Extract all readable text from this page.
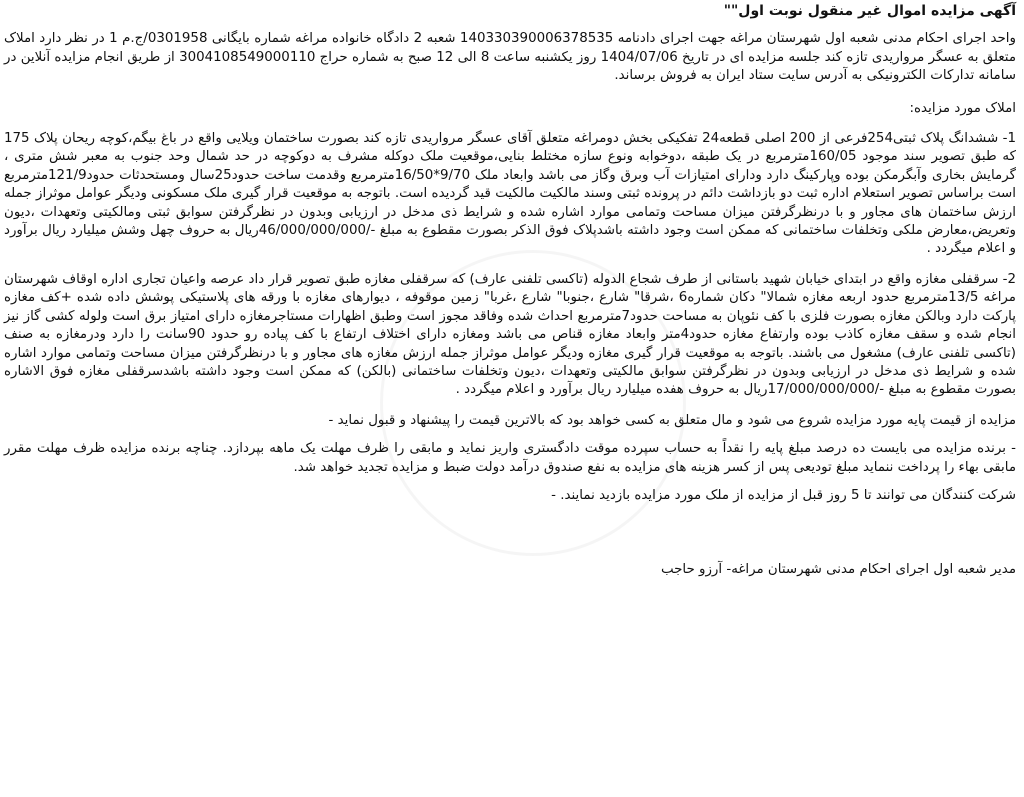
آگهی مزایده اموال غیر منقول نوبت اول""

واحد اجرای احکام مدنی شعبه اول شهرستان مراغه جهت اجرای دادنامه 140330390006378535 شعبه 2 دادگاه خانواده مراغه شماره بایگانی 0301958/ج.م 1 در نظر دارد املاک متعلق به عسگر مرواریدی تازه کند جلسه مزایده ای در تاریخ 1404/07/06 روز یکشنبه ساعت 8 الی 12 صبح به شماره حراج 3004108549000110 از طریق انجام مزایده آنلاین در سامانه تدارکات الکترونیکی به آدرس سایت ستاد ایران به فروش برساند.

املاک مورد مزایده:

1- ششدانگ پلاک ثبتی254فرعی از 200 اصلی قطعه24 تفکیکی بخش دومراغه متعلق آقای عسگر مرواریدی تازه کند بصورت ساختمان ویلایی واقع در باغ بیگم،کوچه ریحان پلاک 175 که طبق تصویر سند موجود 160/05مترمربع در یک طبقه ،دوخوابه ونوع سازه مختلط بنایی،موقعیت ملک دوکله مشرف به دوکوچه در حد شمال وحد جنوب به معبر شش متری ، گرمایش بخاری وآبگرمکن بوده وپارکینگ دارد ودارای امتیازات آب وبرق وگاز می باشد وابعاد ملک 9/70*16/50مترمربع وقدمت ساخت حدود25سال ومستحدثات حدود121/9مترمربع است براساس تصویر استعلام اداره ثبت دو بازداشت دائم در پرونده ثبتی وسند مالکیت مالکیت قید گردیده است. باتوجه به موقعیت قرار گیری ملک مسکونی ودیگر عوامل موثراز جمله ارزش ساختمان های مجاور و با درنظرگرفتن میزان مساحت وتمامی موارد اشاره شده و شرایط ذی مدخل در ارزیابی وبدون در نظرگرفتن سوابق ثبتی ومالکیتی وتعهدات ،دیون وتعریض،معارض ملکی وتخلفات ساختمانی که ممکن است وجود داشته باشدپلاک فوق الذکر بصورت مقطوع به مبلغ -/46/000/000/000ریال به حروف چهل وشش میلیارد ریال برآورد و اعلام میگردد .

2- سرقفلی مغازه واقع در ابتدای خیابان شهید باستانی از طرف شجاع الدوله (تاکسی تلفنی عارف) که سرقفلی مغازه طبق تصویر قرار داد عرصه واعیان تجاری اداره اوقاف شهرستان مراغه 13/5مترمربع حدود اربعه مغازه شمالا" دکان شماره6 ،شرقا" شارع ،جنوبا" شارع ،غربا" زمین موقوفه ، دیوارهای مغازه با ورقه های پلاستیکی پوشش داده شده +کف مغازه پارکت دارد وبالکن مغازه بصورت فلزی با کف نئوپان به مساحت حدود7مترمربع احداث شده وفاقد مجوز است وطبق اظهارات مستاجرمغازه دارای امتیاز برق است ولوله کشی گاز نیز انجام شده و سقف مغازه کاذب بوده وارتفاع مغازه حدود4متر وابعاد مغازه قناص می باشد ومغازه دارای اختلاف ارتفاع با کف پیاده رو حدود 90سانت را دارد ودرمغازه به صنف (تاکسی تلفنی عارف) مشغول می باشند. باتوجه به موقعیت قرار گیری مغازه ودیگر عوامل موثراز جمله ارزش مغازه های مجاور و با درنظرگرفتن میزان مساحت وتمامی موارد اشاره شده و شرایط ذی مدخل در ارزیابی وبدون در نظرگرفتن سوابق مالکیتی وتعهدات ،دیون وتخلفات ساختمانی (بالکن) که ممکن است وجود داشته باشدسرقفلی مغازه فوق الاشاره بصورت مقطوع به مبلغ -/17/000/000/000ریال به حروف هفده میلیارد ریال برآورد و اعلام میگردد .

مزایده از قیمت پایه مورد مزایده شروع می شود و مال متعلق به کسی خواهد بود که بالاترین قیمت را پیشنهاد و قبول نماید -

- برنده مزایده می بایست ده درصد مبلغ پایه را نقداً به حساب سپرده موقت دادگستری واریز نماید و مابقی را ظرف مهلت یک ماهه بپردازد. چناچه برنده مزایده ظرف مهلت مقرر مابقی بهاء را پرداخت ننماید مبلغ تودیعی پس از کسر هزینه های مزایده به نفع صندوق درآمد دولت ضبط و مزایده تجدید خواهد شد.

شرکت کنندگان می توانند تا 5 روز قبل از مزایده از ملک مورد مزایده بازدید نمایند. -

مدیر شعبه اول اجرای احکام مدنی شهرستان مراغه- آرزو حاجب
